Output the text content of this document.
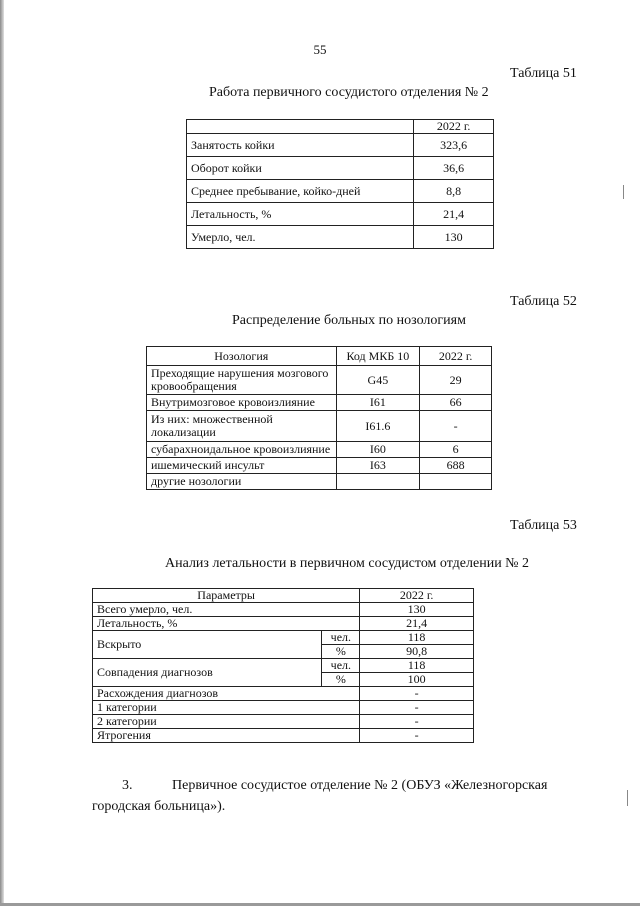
55
Таблица 51
Работа первичного сосудистого отделения № 2
	2022 г.
Занятость койки	323,6
Оборот койки	36,6
Среднее пребывание, койко-дней	8,8
Летальность, %	21,4
Умерло, чел.	130
Таблица 52
Распределение больных по нозологиям
Нозология	Код МКБ 10	2022 г.
Преходящие нарушения мозгового кровообращения	G45	29
Внутримозговое кровоизлияние	I61	66
Из них: множественной локализации	I61.6	-
субарахноидальное кровоизлияние	I60	6
ишемический инсульт	I63	688
другие нозологии		
Таблица 53
Анализ летальности в первичном сосудистом отделении № 2
Параметры		2022 г.
Всего умерло, чел.		130
Летальность, %		21,4
Вскрыто	чел.	118
	%	90,8
Совпадения диагнозов	чел.	118
	%	100
Расхождения диагнозов		-
1 категории		-
2 категории		-
Ятрогения		-
3.	Первичное сосудистое отделение № 2 (ОБУЗ «Железногорская городская больница»).
